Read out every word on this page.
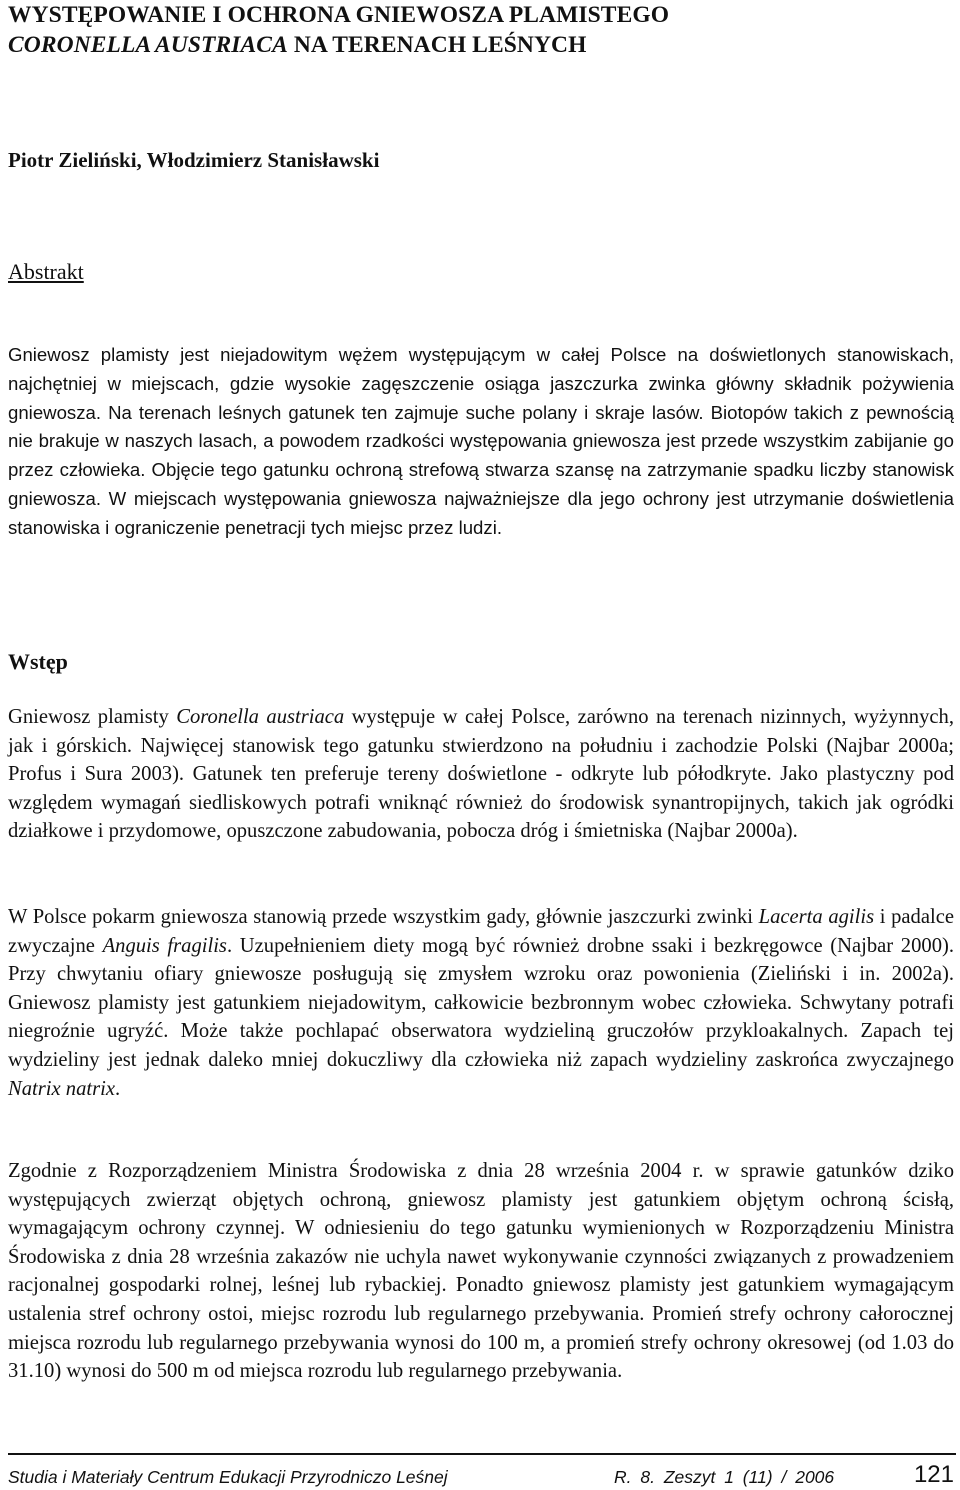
WYSTĘPOWANIE I OCHRONA GNIEWOSZA PLAMISTEGO
CORONELLA AUSTRIACA NA TERENACH LEŚNYCH
Piotr Zieliński, Włodzimierz Stanisławski
Abstrakt
Gniewosz plamisty jest niejadowitym wężem występującym w całej Polsce na doświetlonych stanowiskach, najchętniej w miejscach, gdzie wysokie zagęszczenie osiąga jaszczurka zwinka główny składnik pożywienia gniewosza. Na terenach leśnych gatunek ten zajmuje suche polany i skraje lasów. Biotopów takich z pewnością nie brakuje w naszych lasach, a powodem rzadkości występowania gniewosza jest przede wszystkim zabijanie go przez człowieka. Objęcie tego gatunku ochroną strefową stwarza szansę na zatrzymanie spadku liczby stanowisk gniewosza. W miejscach występowania gniewosza najważniejsze dla jego ochrony jest utrzymanie doświetlenia stanowiska i ograniczenie penetracji tych miejsc przez ludzi.
Wstęp
Gniewosz plamisty Coronella austriaca występuje w całej Polsce, zarówno na terenach nizinnych, wyżynnych, jak i górskich. Najwięcej stanowisk tego gatunku stwierdzono na południu i zachodzie Polski (Najbar 2000a; Profus i Sura 2003). Gatunek ten preferuje tereny doświetlone - odkryte lub półodkryte. Jako plastyczny pod względem wymagań siedliskowych potrafi wniknąć również do środowisk synantropijnych, takich jak ogródki działkowe i przydomowe, opuszczone zabudowania, pobocza dróg i śmietniska (Najbar 2000a).
W Polsce pokarm gniewosza stanowią przede wszystkim gady, głównie jaszczurki zwinki Lacerta agilis i padalce zwyczajne Anguis fragilis. Uzupełnieniem diety mogą być również drobne ssaki i bezkręgowce (Najbar 2000). Przy chwytaniu ofiary gniewosze posługują się zmysłem wzroku oraz powonienia (Zieliński i in. 2002a). Gniewosz plamisty jest gatunkiem niejadowitym, całkowicie bezbronnym wobec człowieka. Schwytany potrafi niegroźnie ugryźć. Może także pochlapać obserwatora wydzieliną gruczołów przykloakalnych. Zapach tej wydzieliny jest jednak daleko mniej dokuczliwy dla człowieka niż zapach wydzieliny zaskrońca zwyczajnego Natrix natrix.
Zgodnie z Rozporządzeniem Ministra Środowiska z dnia 28 września 2004 r. w sprawie gatunków dziko występujących zwierząt objętych ochroną, gniewosz plamisty jest gatunkiem objętym ochroną ścisłą, wymagającym ochrony czynnej. W odniesieniu do tego gatunku wymienionych w Rozporządzeniu Ministra Środowiska z dnia 28 września zakazów nie uchyla nawet wykonywanie czynności związanych z prowadzeniem racjonalnej gospodarki rolnej, leśnej lub rybackiej. Ponadto gniewosz plamisty jest gatunkiem wymagającym ustalenia stref ochrony ostoi, miejsc rozrodu lub regularnego przebywania. Promień strefy ochrony całorocznej miejsca rozrodu lub regularnego przebywania wynosi do 100 m, a promień strefy ochrony okresowej (od 1.03 do 31.10) wynosi do 500 m od miejsca rozrodu lub regularnego przebywania.
Studia i Materiały Centrum Edukacji Przyrodniczo Leśnej	R. 8. Zeszyt 1 (11) / 2006	121
